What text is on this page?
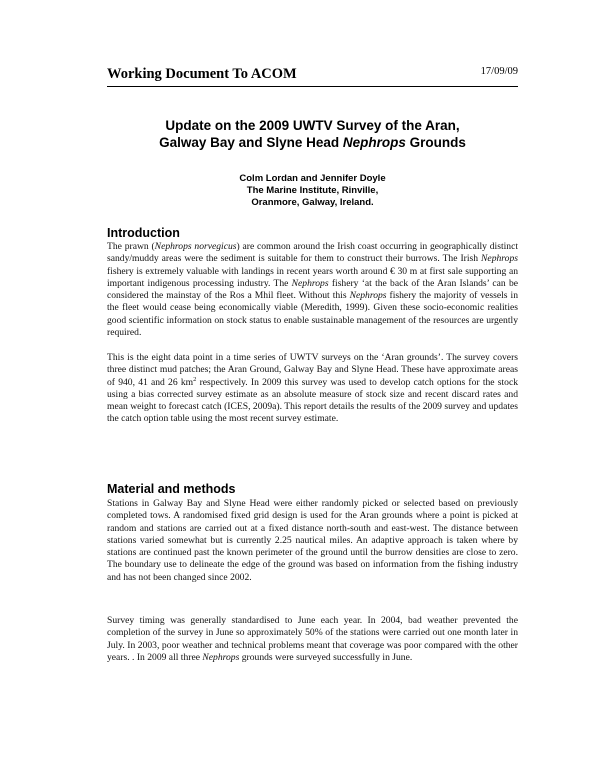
Working Document To ACOM	17/09/09
Update on the 2009 UWTV Survey of the Aran,
Galway Bay and Slyne Head Nephrops Grounds
Colm Lordan and Jennifer Doyle
The Marine Institute, Rinville,
Oranmore, Galway, Ireland.
Introduction
The prawn (Nephrops norvegicus) are common around the Irish coast occurring in geographically distinct sandy/muddy areas were the sediment is suitable for them to construct their burrows. The Irish Nephrops fishery is extremely valuable with landings in recent years worth around € 30 m at first sale supporting an important indigenous processing industry. The Nephrops fishery ‘at the back of the Aran Islands’ can be considered the mainstay of the Ros a Mhil fleet. Without this Nephrops fishery the majority of vessels in the fleet would cease being economically viable (Meredith, 1999). Given these socio-economic realities good scientific information on stock status to enable sustainable management of the resources are urgently required.
This is the eight data point in a time series of UWTV surveys on the ‘Aran grounds’. The survey covers three distinct mud patches; the Aran Ground, Galway Bay and Slyne Head. These have approximate areas of 940, 41 and 26 $km^2$ respectively. In 2009 this survey was used to develop catch options for the stock using a bias corrected survey estimate as an absolute measure of stock size and recent discard rates and mean weight to forecast catch (ICES, 2009a). This report details the results of the 2009 survey and updates the catch option table using the most recent survey estimate.
Material and methods
Stations in Galway Bay and Slyne Head were either randomly picked or selected based on previously completed tows. A randomised fixed grid design is used for the Aran grounds where a point is picked at random and stations are carried out at a fixed distance north-south and east-west. The distance between stations varied somewhat but is currently 2.25 nautical miles. An adaptive approach is taken where by stations are continued past the known perimeter of the ground until the burrow densities are close to zero. The boundary use to delineate the edge of the ground was based on information from the fishing industry and has not been changed since 2002.
Survey timing was generally standardised to June each year. In 2004, bad weather prevented the completion of the survey in June so approximately 50% of the stations were carried out one month later in July. In 2003, poor weather and technical problems meant that coverage was poor compared with the other years. . In 2009 all three Nephrops grounds were surveyed successfully in June.
